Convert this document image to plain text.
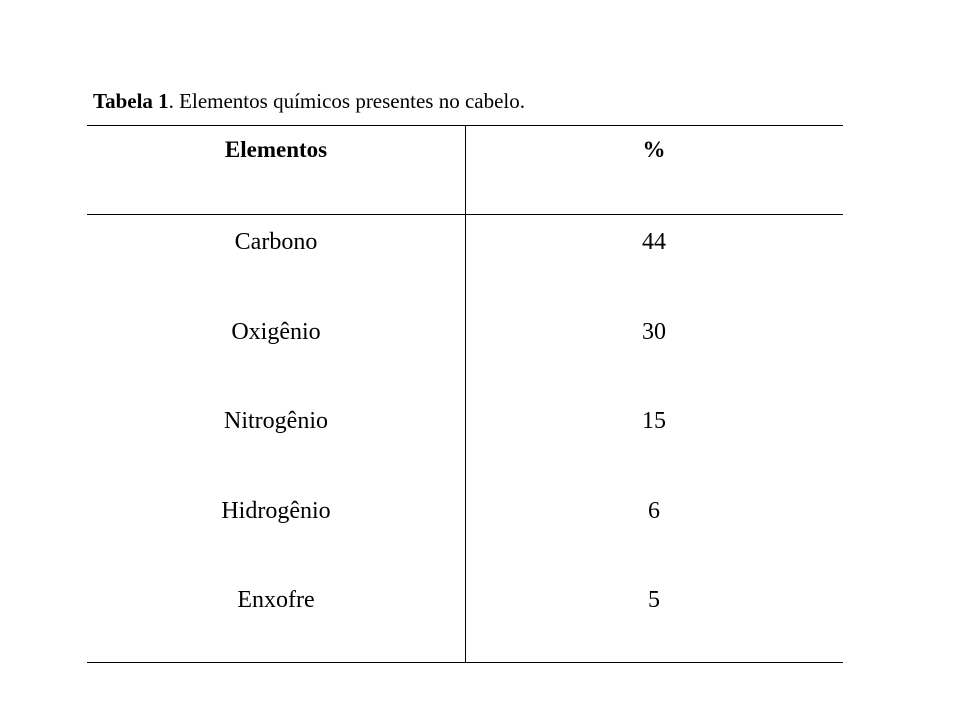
Tabela 1. Elementos químicos presentes no cabelo.
Elementos	%
Carbono	44
Oxigênio	30
Nitrogênio	15
Hidrogênio	6
Enxofre	5
